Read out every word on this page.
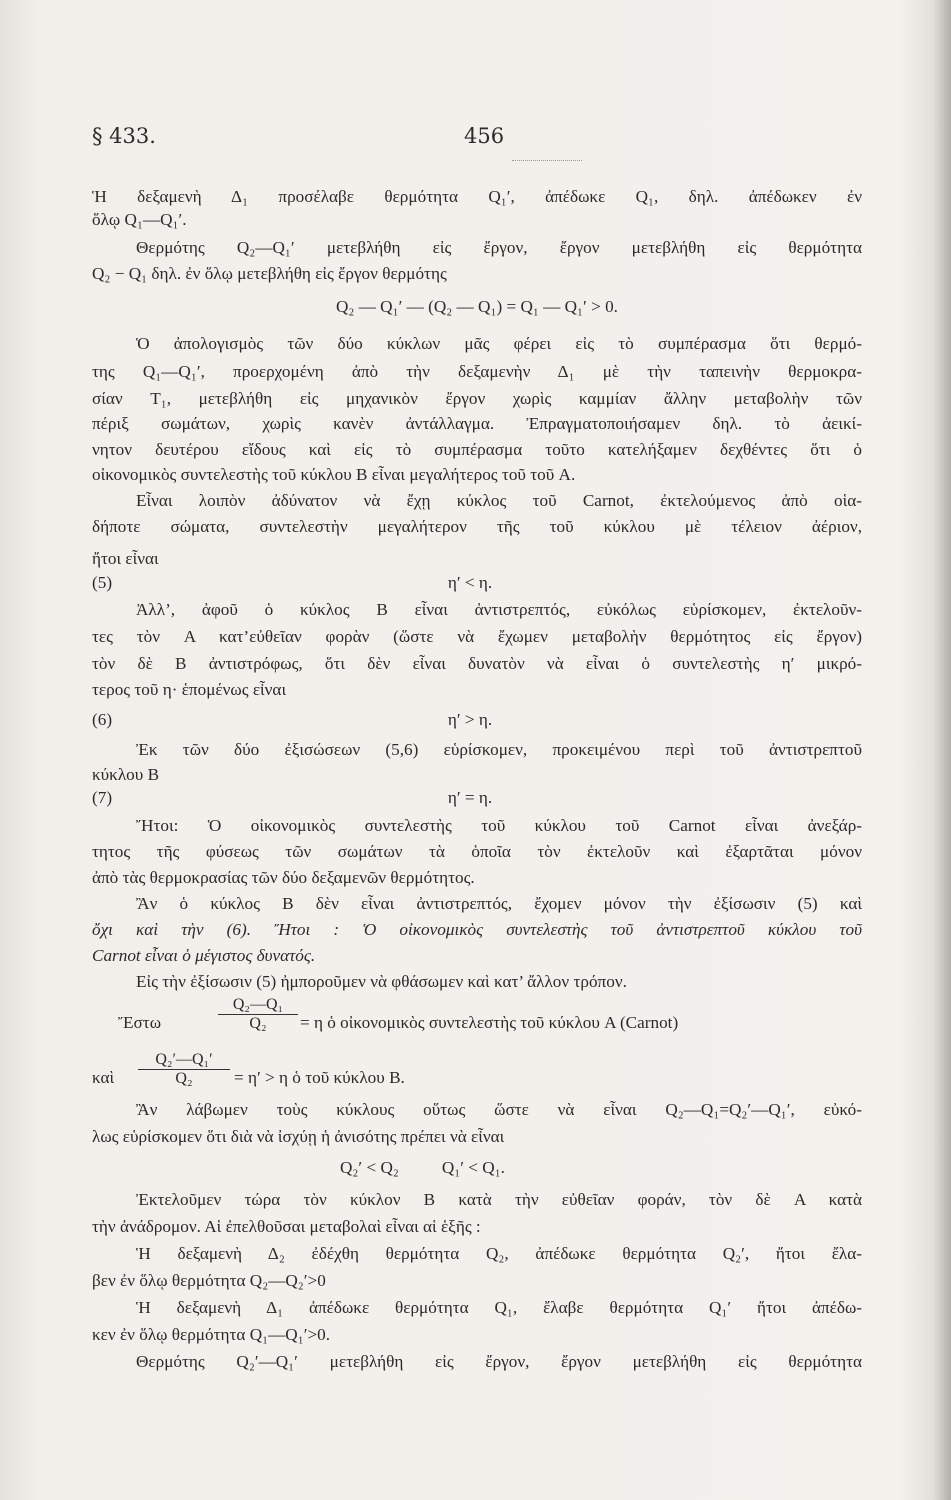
§ 433.	456
Ἡ δεξαμενὴ Δ₁ προσέλαβε θερμότητα Q₁′, ἀπέδωκε Q₁, δηλ. ἀπέδωκεν ἐν
ὅλῳ Q₁—Q₁′.
Θερμότης Q₂—Q₁′ μετεβλήθη εἰς ἔργον, ἔργον μετεβλήθη εἰς θερμότητα
Q₂ − Q₁ δηλ. ἐν ὅλῳ μετεβλήθη εἰς ἔργον θερμότης
Q₂ — Q₁′ — (Q₂ — Q₁) = Q₁ — Q₁′ > 0.
Ὁ ἀπολογισμὸς τῶν δύο κύκλων μᾶς φέρει εἰς τὸ συμπέρασμα ὅτι θερμό-
της Q₁—Q₁′, προερχομένη ἀπὸ τὴν δεξαμενὴν Δ₁ μὲ τὴν ταπεινὴν θερμοκρα-
σίαν T₁, μετεβλήθη εἰς μηχανικὸν ἔργον χωρὶς καμμίαν ἄλλην μεταβολὴν τῶν
πέριξ σωμάτων, χωρὶς κανὲν ἀντάλλαγμα. Ἐπραγματοποιήσαμεν δηλ. τὸ ἀεικί-
νητον δευτέρου εἴδους καὶ εἰς τὸ συμπέρασμα τοῦτο κατελήξαμεν δεχθέντες ὅτι ὁ
οἰκονομικὸς συντελεστὴς τοῦ κύκλου B εἶναι μεγαλήτερος τοῦ τοῦ A.
Εἶναι λοιπὸν ἀδύνατον νὰ ἔχῃ κύκλος τοῦ Carnot, ἐκτελούμενος ἀπὸ οἱα-
δήποτε σώματα, συντελεστὴν μεγαλήτερον τῆς τοῦ κύκλου μὲ τέλειον ἀέριον,
ἤτοι εἶναι
(5)	η′ < η.
Ἀλλ’, ἀφοῦ ὁ κύκλος B εἶναι ἀντιστρεπτός, εὐκόλως εὑρίσκομεν, ἐκτελοῦν-
τες τὸν A κατ’εὐθεῖαν φορὰν (ὥστε νὰ ἔχωμεν μεταβολὴν θερμότητος εἰς ἔργον)
τὸν δὲ B ἀντιστρόφως, ὅτι δὲν εἶναι δυνατὸν νὰ εἶναι ὁ συντελεστὴς η′ μικρό-
τερος τοῦ η· ἑπομένως εἶναι
(6)	η′ > η.
Ἐκ τῶν δύο ἐξισώσεων (5,6) εὑρίσκομεν, προκειμένου περὶ τοῦ ἀντιστρεπτοῦ
κύκλου B
(7)	η′ = η.
Ἤτοι: Ὁ οἰκονομικὸς συντελεστὴς τοῦ κύκλου τοῦ Carnot εἶναι ἀνεξάρ-
τητος τῆς φύσεως τῶν σωμάτων τὰ ὁποῖα τὸν ἐκτελοῦν καὶ ἐξαρτᾶται μόνον
ἀπὸ τὰς θερμοκρασίας τῶν δύο δεξαμενῶν θερμότητος.
Ἂν ὁ κύκλος B δὲν εἶναι ἀντιστρεπτός, ἔχομεν μόνον τὴν ἐξίσωσιν (5) καὶ
ὄχι καὶ τὴν (6). Ἤτοι : Ὁ οἰκονομικὸς συντελεστὴς τοῦ ἀντιστρεπτοῦ κύκλου τοῦ
Carnot εἶναι ὁ μέγιστος δυνατός.
Εἰς τὴν ἐξίσωσιν (5) ἠμποροῦμεν νὰ φθάσωμεν καὶ κατ’ ἄλλον τρόπον.
Ἔστω	$\frac{\text{Q₂—Q₁}}{\text{Q₂}} = \eta$ ὁ οἰκονομικὸς συντελεστὴς τοῦ κύκλου A (Carnot)
καὶ	$\frac{\text{Q₂′—Q₁′}}{\text{Q₂}} = \eta' > \eta$ ὁ τοῦ κύκλου B.
Ἂν λάβωμεν τοὺς κύκλους οὕτως ὥστε νὰ εἶναι Q₂—Q₁=Q₂′—Q₁′, εὐκό-
λως εὑρίσκομεν ὅτι διὰ νὰ ἰσχύῃ ἡ ἀνισότης πρέπει νὰ εἶναι
Q₂′ < Q₂          Q₁′ < Q₁.
Ἐκτελοῦμεν τώρα τὸν κύκλον B κατὰ τὴν εὐθεῖαν φοράν, τὸν δὲ A κατὰ
τὴν ἀνάδρομον. Αἱ ἐπελθοῦσαι μεταβολαὶ εἶναι αἱ ἑξῆς :
Ἡ δεξαμενὴ Δ₂ ἐδέχθη θερμότητα Q₂, ἀπέδωκε θερμότητα Q₂′, ἤτοι ἔλα-
βεν ἐν ὅλῳ θερμότητα Q₂—Q₂′>0
Ἡ δεξαμενὴ Δ₁ ἀπέδωκε θερμότητα Q₁, ἔλαβε θερμότητα Q₁′ ἤτοι ἀπέδω-
κεν ἐν ὅλῳ θερμότητα Q₁—Q₁′>0.
Θερμότης Q₂′—Q₁′ μετεβλήθη εἰς ἔργον, ἔργον μετεβλήθη εἰς θερμότητα
